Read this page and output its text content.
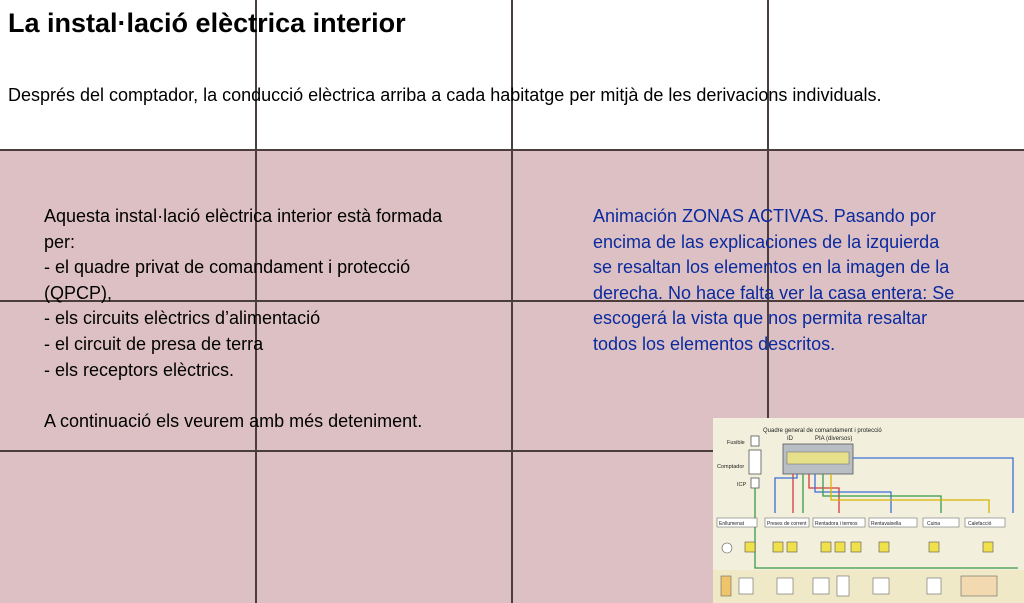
La instal·lació elèctrica interior

Després del comptador, la conducció elèctrica arriba a cada habitatge per mitjà de les derivacions individuals.

Aquesta instal·lació elèctrica interior està formada per:
- el quadre privat de comandament i protecció (QPCP),
- els circuits elèctrics d’alimentació
- el circuit de presa de terra
- els receptors elèctrics.

A continuació els veurem amb més deteniment.
Animación ZONAS ACTIVAS. Pasando por encima de las explicaciones de la izquierda se resaltan los elementos en la imagen de la derecha. No hace falta ver la casa entera: Se escogerá la vista que nos permita resaltar todos los elementos descritos.
Quadre general de comandament i protecció
ID	PIA (diversos)
Fusible
Comptador
ICP
Enllumenat	Preses de corrent Rentadora i termos	Rentavaixella	Cuina	Calefacció
